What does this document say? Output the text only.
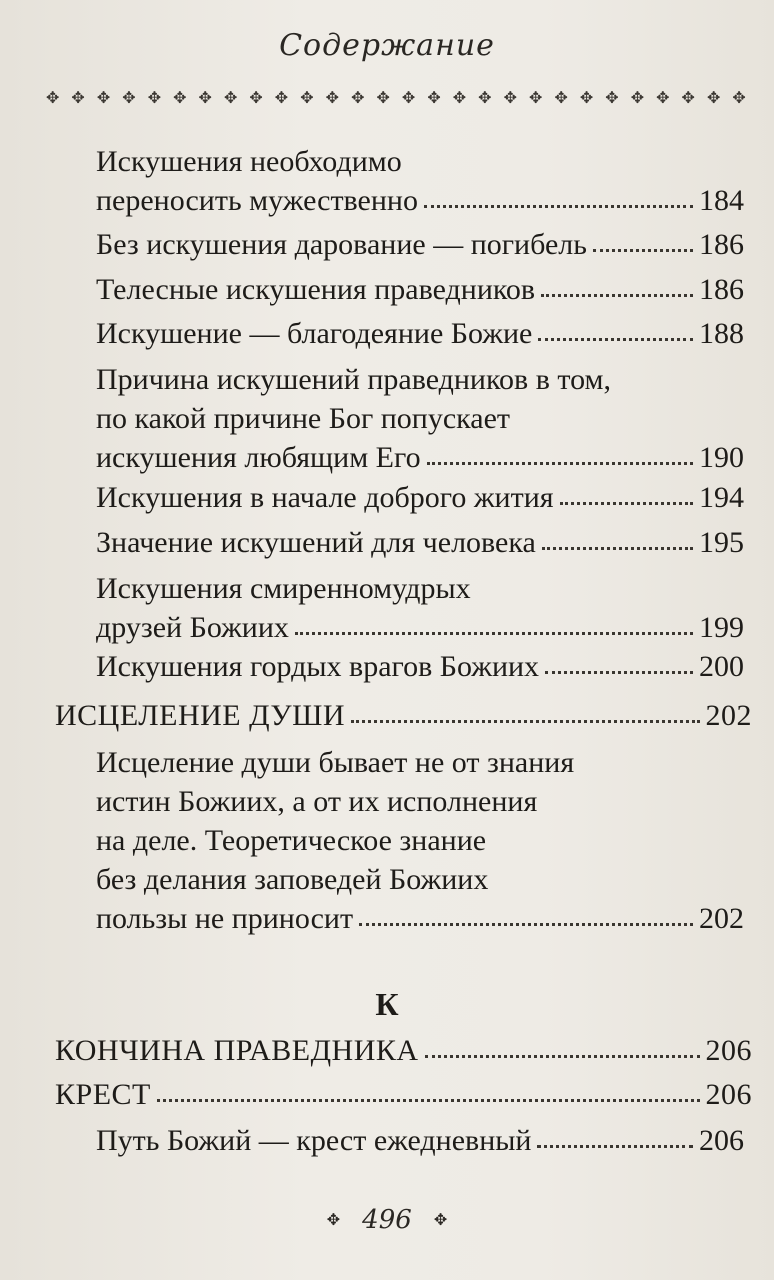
Содержание
✥ ✥ ✥ ✥ ✥ ✥ ✥ ✥ ✥ ✥ ✥ ✥ ✥ ✥ ✥ ✥ ✥ ✥ ✥ ✥ ✥ ✥ ✥ ✥ ✥ ✥ ✥ ✥
Искушения необходимо
переносить мужественно	184
Без искушения дарование — погибель	186
Телесные искушения праведников	186
Искушение — благодеяние Божие	188
Причина искушений праведников в том,
по какой причине Бог попускает
искушения любящим Его	190
Искушения в начале доброго жития	194
Значение искушений для человека	195
Искушения смиренномудрых
друзей Божиих	199
Искушения гордых врагов Божиих	200
ИСЦЕЛЕНИЕ ДУШИ	202
Исцеление души бывает не от знания
истин Божиих, а от их исполнения
на деле. Теоретическое знание
без делания заповедей Божиих
пользы не приносит	202
К
КОНЧИНА ПРАВЕДНИКА	206
КРЕСТ	206
Путь Божий — крест ежедневный	206
✥ 496 ✥
